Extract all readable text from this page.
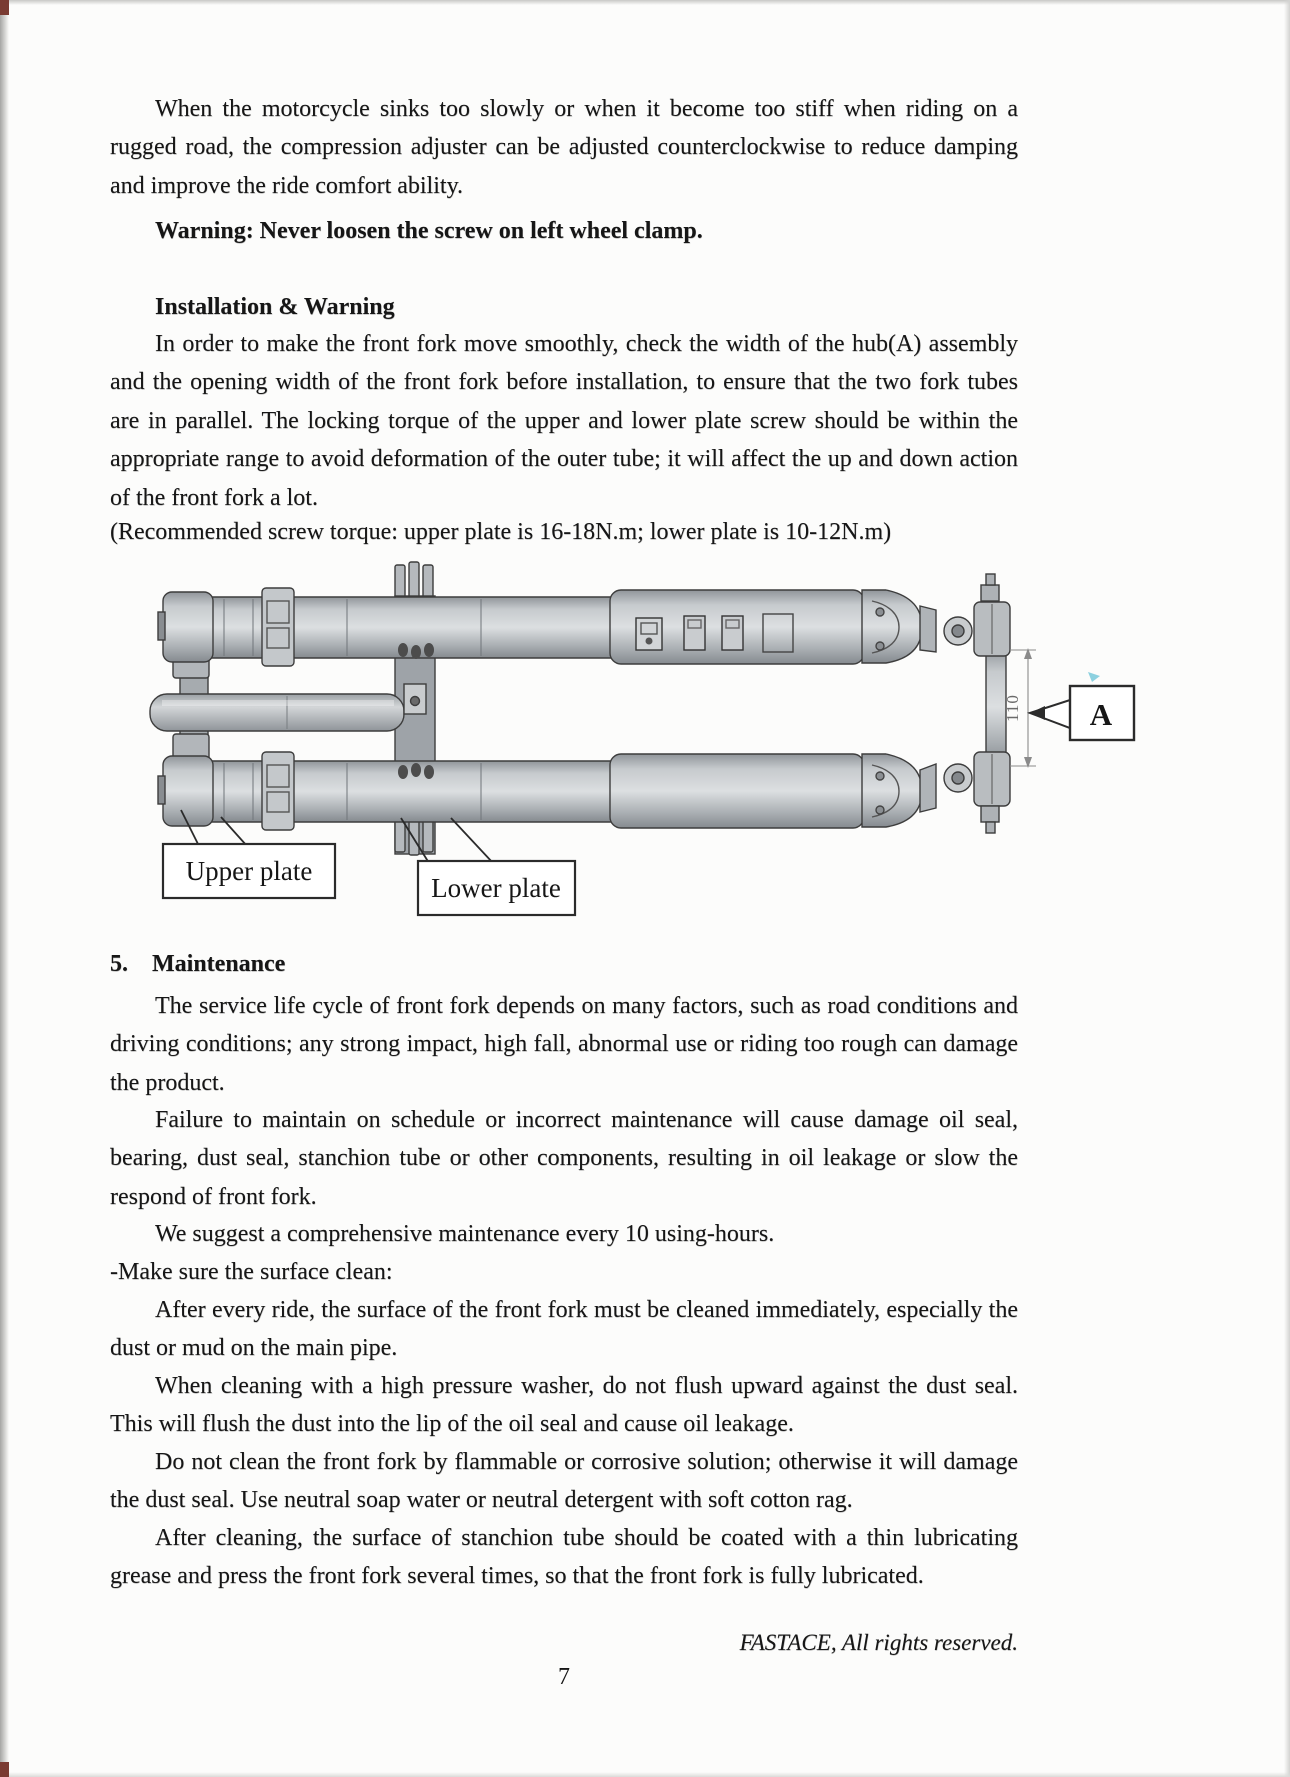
When the motorcycle sinks too slowly or when it become too stiff when riding on a rugged road, the compression adjuster can be adjusted counterclockwise to reduce damping and improve the ride comfort ability.

Warning: Never loosen the screw on left wheel clamp.

Installation & Warning

In order to make the front fork move smoothly, check the width of the hub(A) assembly and the opening width of the front fork before installation, to ensure that the two fork tubes are in parallel. The locking torque of the upper and lower plate screw should be within the appropriate range to avoid deformation of the outer tube; it will affect the up and down action of the front fork a lot.

(Recommended screw torque: upper plate is 16-18N.m; lower plate is 10-12N.m)

110
Upper plate
Lower plate
A

5. Maintenance

The service life cycle of front fork depends on many factors, such as road conditions and driving conditions; any strong impact, high fall, abnormal use or riding too rough can damage the product.

Failure to maintain on schedule or incorrect maintenance will cause damage oil seal, bearing, dust seal, stanchion tube or other components, resulting in oil leakage or slow the respond of front fork.

We suggest a comprehensive maintenance every 10 using-hours.

-Make sure the surface clean:

After every ride, the surface of the front fork must be cleaned immediately, especially the dust or mud on the main pipe.

When cleaning with a high pressure washer, do not flush upward against the dust seal. This will flush the dust into the lip of the oil seal and cause oil leakage.

Do not clean the front fork by flammable or corrosive solution; otherwise it will damage the dust seal. Use neutral soap water or neutral detergent with soft cotton rag.

After cleaning, the surface of stanchion tube should be coated with a thin lubricating grease and press the front fork several times, so that the front fork is fully lubricated.

FASTACE, All rights reserved.
7
